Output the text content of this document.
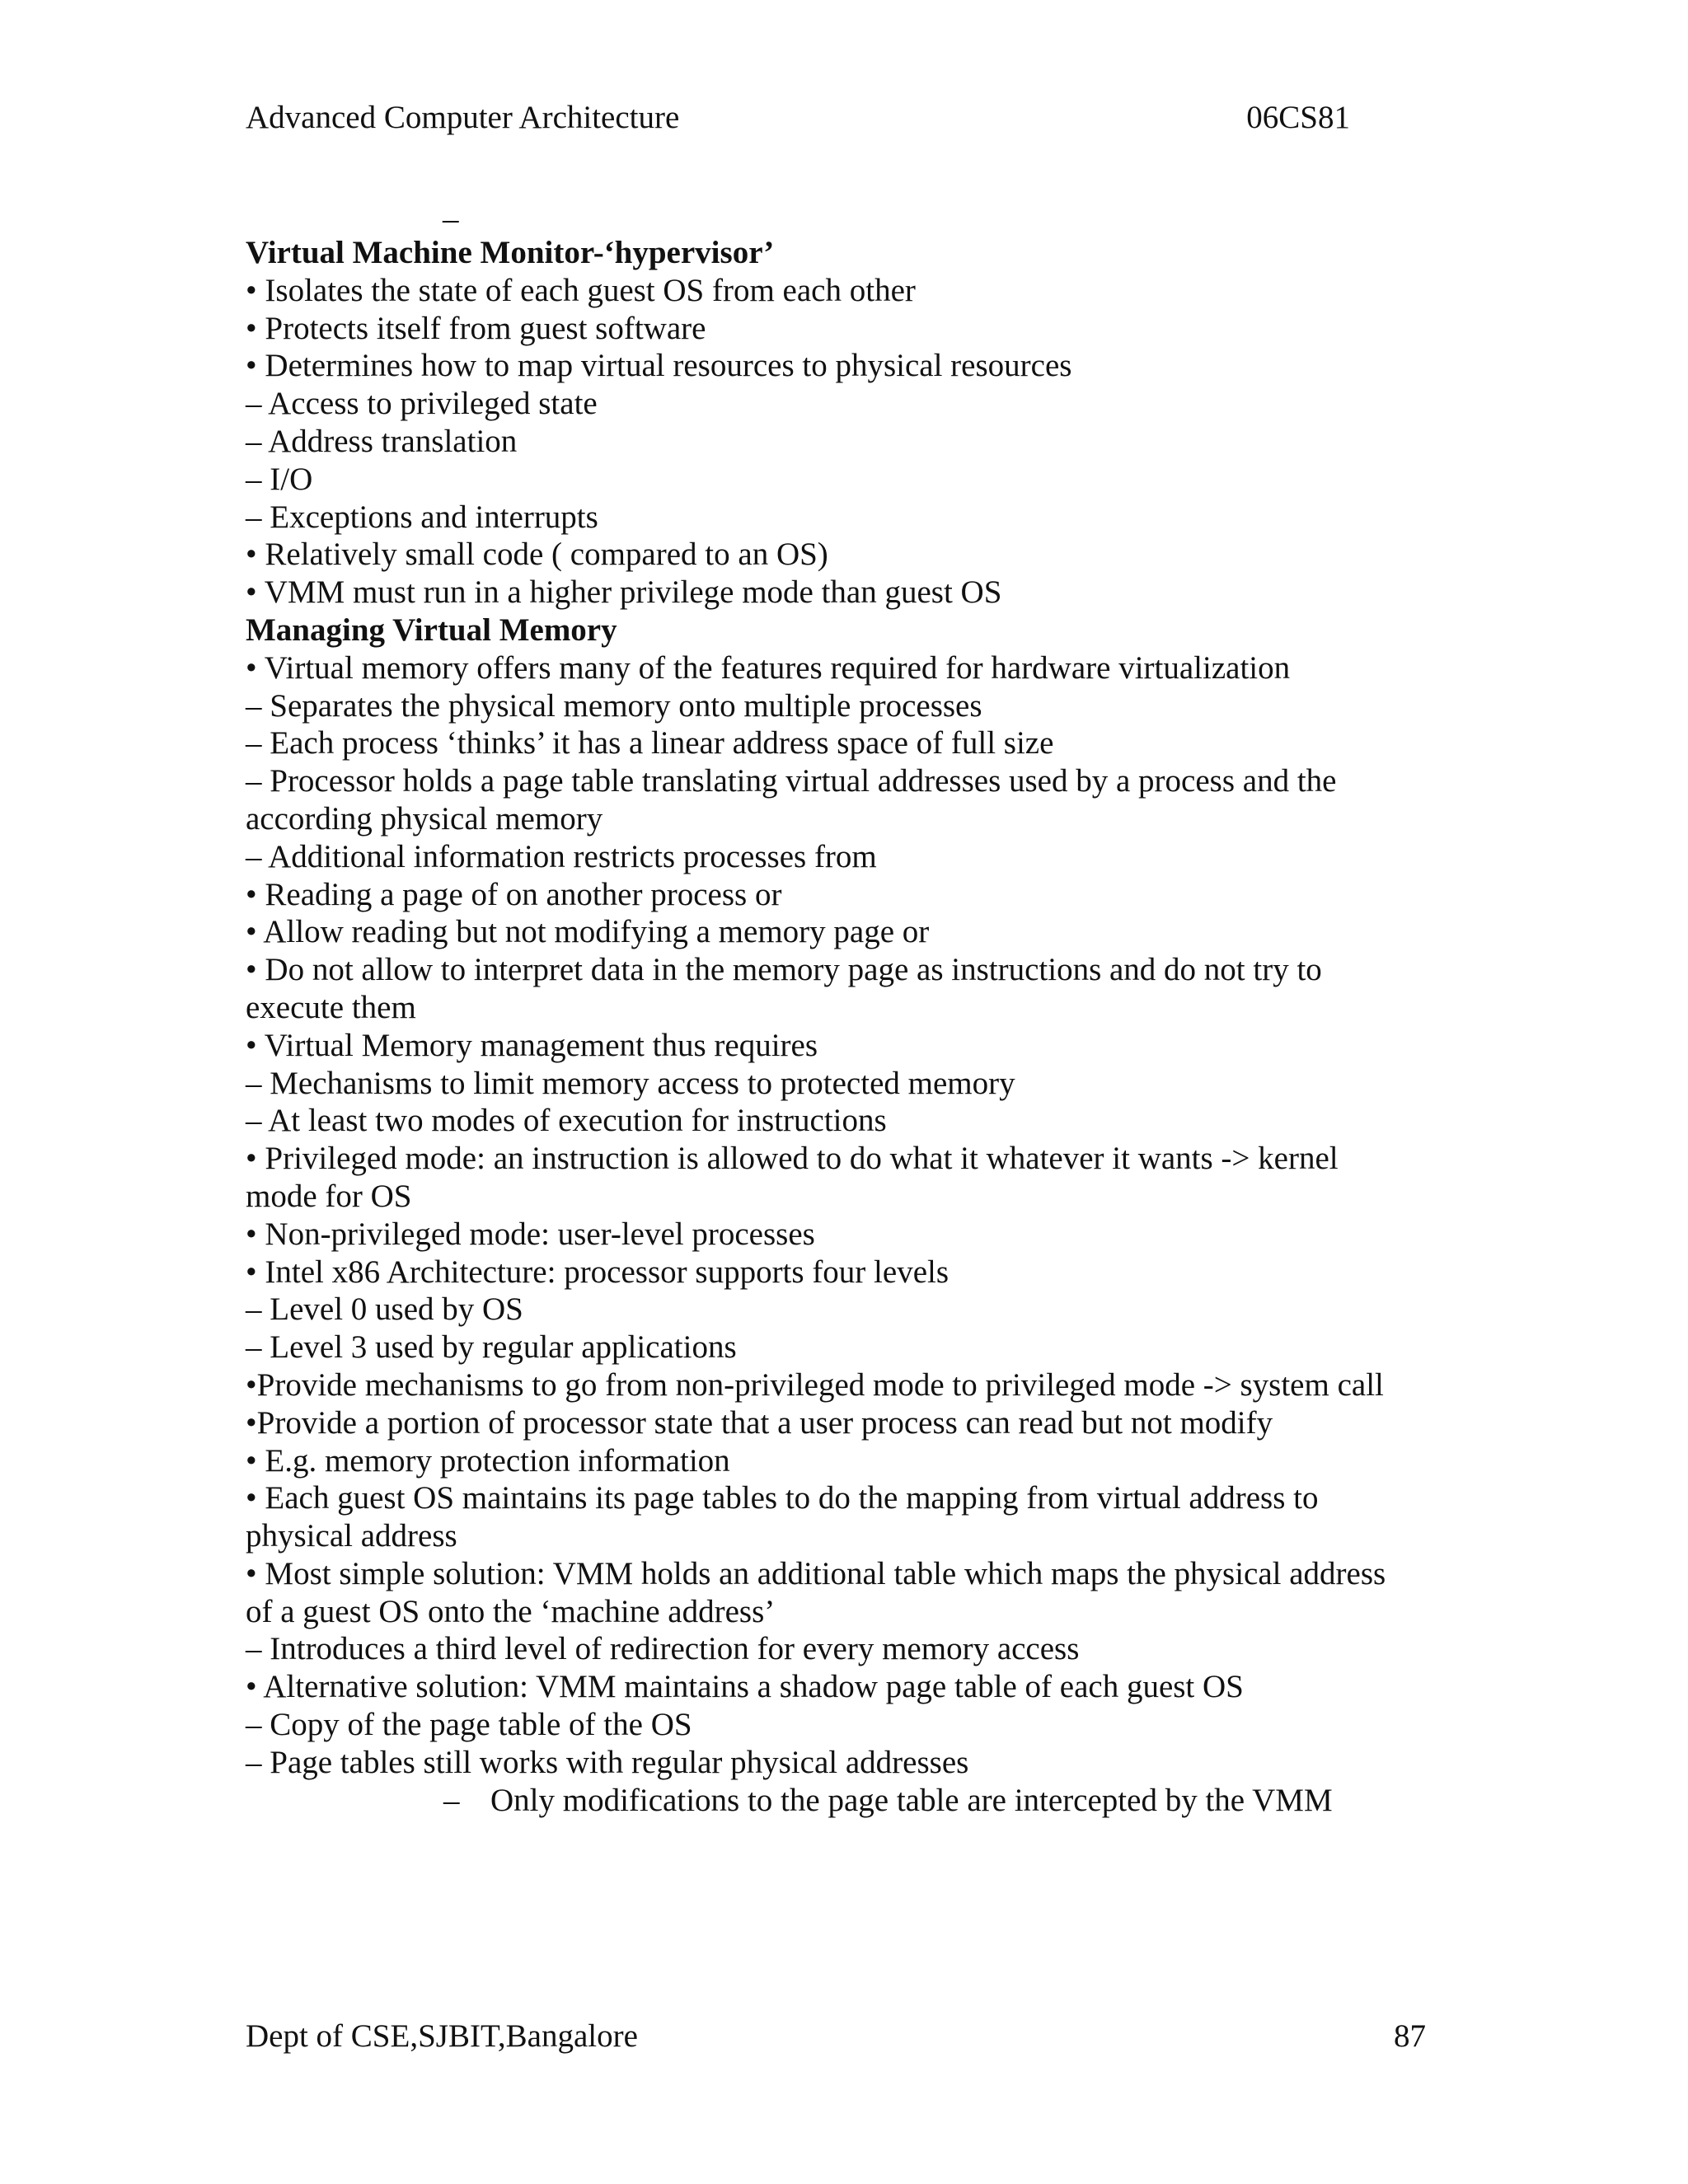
Advanced Computer Architecture	06CS81
–
Virtual Machine Monitor-‘hypervisor’
• Isolates the state of each guest OS from each other
• Protects itself from guest software
• Determines how to map virtual resources to physical resources
– Access to privileged state
– Address translation
– I/O
– Exceptions and interrupts
• Relatively small code ( compared to an OS)
• VMM must run in a higher privilege mode than guest OS
Managing Virtual Memory
• Virtual memory offers many of the features required for hardware virtualization
– Separates the physical memory onto multiple processes
– Each process ‘thinks’ it has a linear address space of full size
– Processor holds a page table translating virtual addresses used by a process and the
according physical memory
– Additional information restricts processes from
• Reading a page of on another process or
• Allow reading but not modifying a memory page or
• Do not allow to interpret data in the memory page as instructions and do not try to
execute them
• Virtual Memory management thus requires
– Mechanisms to limit memory access to protected memory
– At least two modes of execution for instructions
• Privileged mode: an instruction is allowed to do what it whatever it wants -> kernel
mode for OS
• Non-privileged mode: user-level processes
• Intel x86 Architecture: processor supports four levels
– Level 0 used by OS
– Level 3 used by regular applications
•Provide mechanisms to go from non-privileged mode to privileged mode -> system call
•Provide a portion of processor state that a user process can read but not modify
• E.g. memory protection information
• Each guest OS maintains its page tables to do the mapping from virtual address to
physical address
• Most simple solution: VMM holds an additional table which maps the physical address
of a guest OS onto the ‘machine address’
– Introduces a third level of redirection for every memory access
• Alternative solution: VMM maintains a shadow page table of each guest OS
– Copy of the page table of the OS
– Page tables still works with regular physical addresses
– Only modifications to the page table are intercepted by the VMM
Dept of CSE,SJBIT,Bangalore	87
